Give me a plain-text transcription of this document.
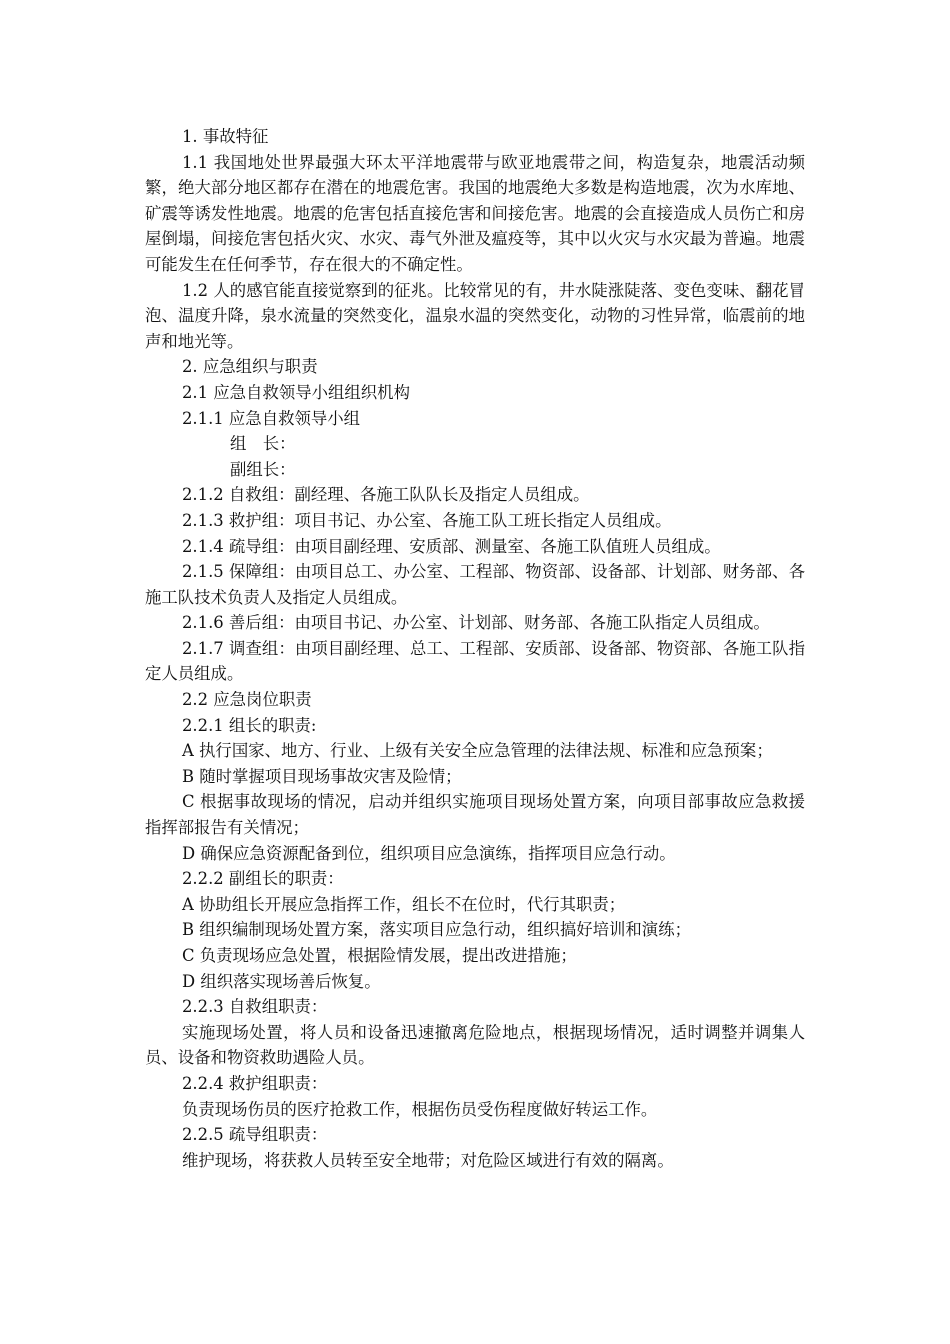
1. 事故特征

1.1 我国地处世界最强大环太平洋地震带与欧亚地震带之间，构造复杂，地震活动频繁，绝大部分地区都存在潜在的地震危害。我国的地震绝大多数是构造地震，次为水库地、矿震等诱发性地震。地震的危害包括直接危害和间接危害。地震的会直接造成人员伤亡和房屋倒塌，间接危害包括火灾、水灾、毒气外泄及瘟疫等，其中以火灾与水灾最为普遍。地震可能发生在任何季节，存在很大的不确定性。

1.2 人的感官能直接觉察到的征兆。比较常见的有，井水陡涨陡落、变色变味、翻花冒泡、温度升降，泉水流量的突然变化，温泉水温的突然变化，动物的习性异常，临震前的地声和地光等。

2. 应急组织与职责

2.1 应急自救领导小组组织机构

2.1.1 应急自救领导小组

组　长：

副组长：

2.1.2 自救组：副经理、各施工队队长及指定人员组成。

2.1.3 救护组：项目书记、办公室、各施工队工班长指定人员组成。

2.1.4 疏导组：由项目副经理、安质部、测量室、各施工队值班人员组成。

2.1.5 保障组：由项目总工、办公室、工程部、物资部、设备部、计划部、财务部、各施工队技术负责人及指定人员组成。

2.1.6 善后组：由项目书记、办公室、计划部、财务部、各施工队指定人员组成。

2.1.7 调查组：由项目副经理、总工、工程部、安质部、设备部、物资部、各施工队指定人员组成。

2.2 应急岗位职责

2.2.1 组长的职责:

A 执行国家、地方、行业、上级有关安全应急管理的法律法规、标准和应急预案；

B 随时掌握项目现场事故灾害及险情；

C 根据事故现场的情况，启动并组织实施项目现场处置方案，向项目部事故应急救援指挥部报告有关情况；

D 确保应急资源配备到位，组织项目应急演练，指挥项目应急行动。

2.2.2 副组长的职责：

A 协助组长开展应急指挥工作，组长不在位时，代行其职责；

B 组织编制现场处置方案，落实项目应急行动，组织搞好培训和演练；

C 负责现场应急处置，根据险情发展，提出改进措施；

D 组织落实现场善后恢复。

2.2.3 自救组职责：

实施现场处置，将人员和设备迅速撤离危险地点，根据现场情况，适时调整并调集人员、设备和物资救助遇险人员。

2.2.4 救护组职责：

负责现场伤员的医疗抢救工作，根据伤员受伤程度做好转运工作。

2.2.5 疏导组职责：

维护现场，将获救人员转至安全地带；对危险区域进行有效的隔离。
